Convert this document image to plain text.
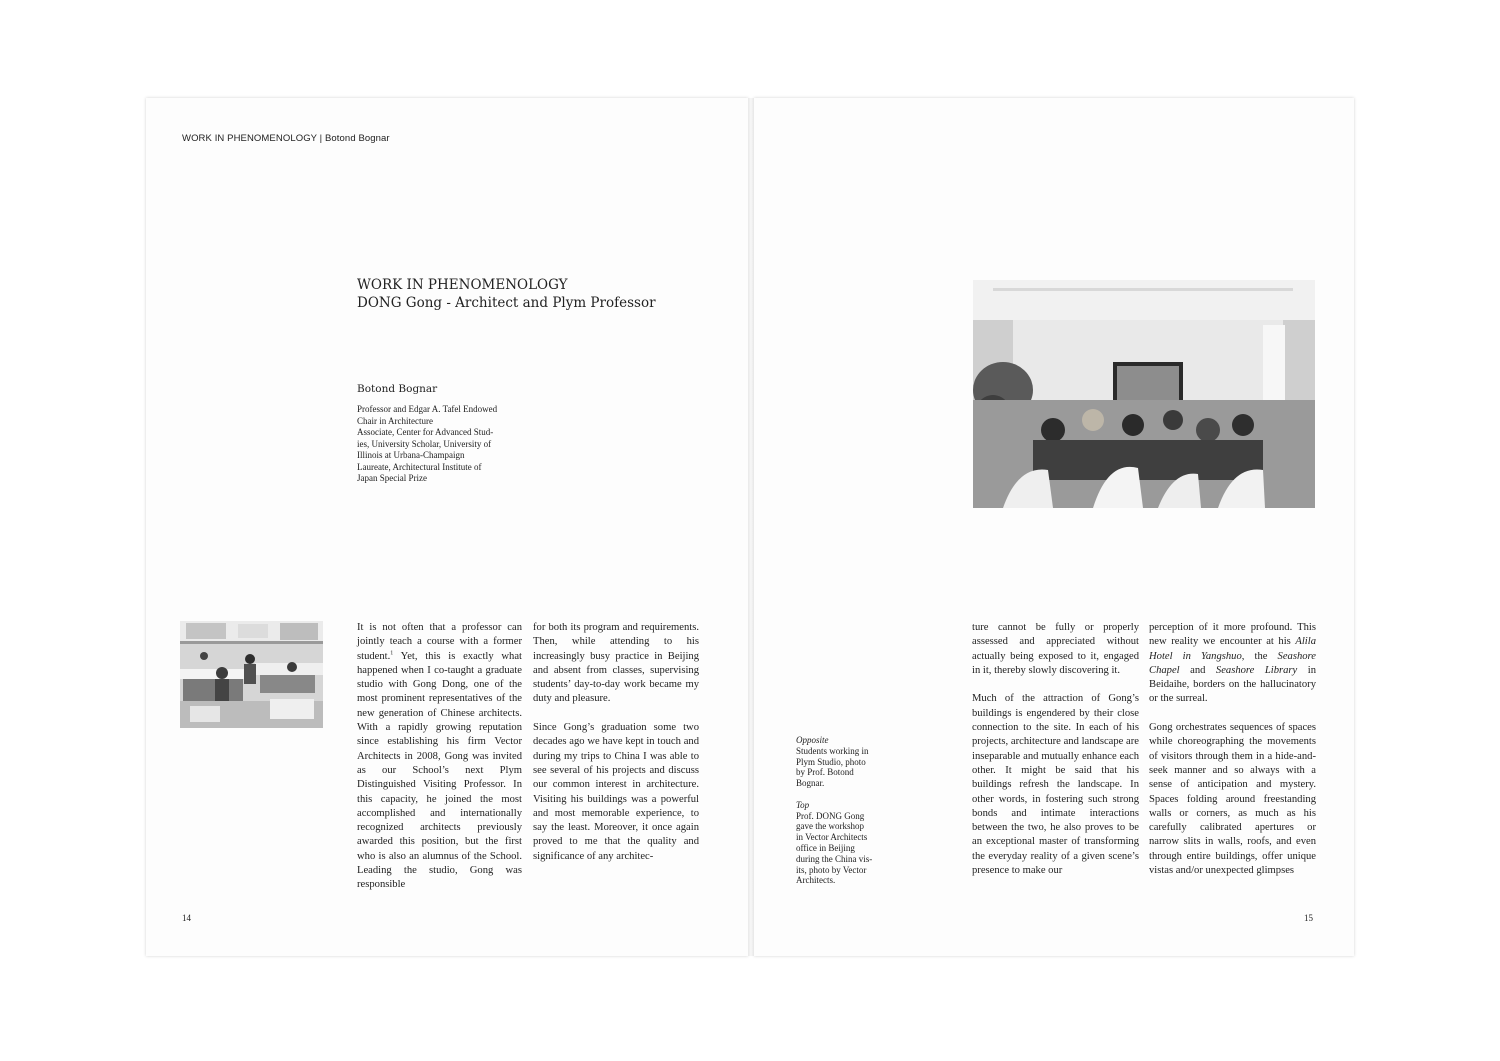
WORK IN PHENOMENOLOGY | Botond Bognar
WORK IN PHENOMENOLOGY
DONG Gong - Architect and Plym Professor
Botond Bognar
Professor and Edgar A. Tafel Endowed
Chair in Architecture
Associate, Center for Advanced Stud-
ies, University Scholar, University of
Illinois at Urbana-Champaign
Laureate, Architectural Institute of
Japan Special Prize

It is not often that a professor can jointly teach a course with a former student.$^1$ Yet, this is exactly what happened when I co-taught a graduate studio with Gong Dong, one of the most prominent representatives of the new generation of Chinese architects. With a rapidly growing reputation since establishing his firm Vector Architects in 2008, Gong was invited as our School’s next Plym Distinguished Visiting Professor. In this capacity, he joined the most accomplished and internationally recognized architects previously awarded this position, but the first who is also an alumnus of the School. Leading the studio, Gong was responsible

for both its program and requirements. Then, while attending to his increasingly busy practice in Beijing and absent from classes, supervising students’ day-to-day work became my duty and pleasure.

Since Gong’s graduation some two decades ago we have kept in touch and during my trips to China I was able to see several of his projects and discuss our common interest in architecture. Visiting his buildings was a powerful and most memorable experience, to say the least. Moreover, it once again proved to me that the quality and significance of any architec-

14
Opposite
Students working in
Plym Studio, photo
by Prof. Botond
Bognar.
Top
Prof. DONG Gong
gave the workshop
in Vector Architects
office in Beijing
during the China vis-
its, photo by Vector
Architects.

ture cannot be fully or properly assessed and appreciated without actually being exposed to it, engaged in it, thereby slowly discovering it.

Much of the attraction of Gong’s buildings is engendered by their close connection to the site. In each of his projects, architecture and landscape are inseparable and mutually enhance each other. It might be said that his buildings refresh the landscape. In other words, in fostering such strong bonds and intimate interactions between the two, he also proves to be an exceptional master of transforming the everyday reality of a given scene’s presence to make our

perception of it more profound. This new reality we encounter at his Alila Hotel in Yangshuo, the Seashore Chapel and Seashore Library in Beidaihe, borders on the hallucinatory or the surreal.

Gong orchestrates sequences of spaces while choreographing the movements of visitors through them in a hide-and-seek manner and so always with a sense of anticipation and mystery. Spaces folding around freestanding walls or corners, as much as his carefully calibrated apertures or narrow slits in walls, roofs, and even through entire buildings, offer unique vistas and/or unexpected glimpses

15
